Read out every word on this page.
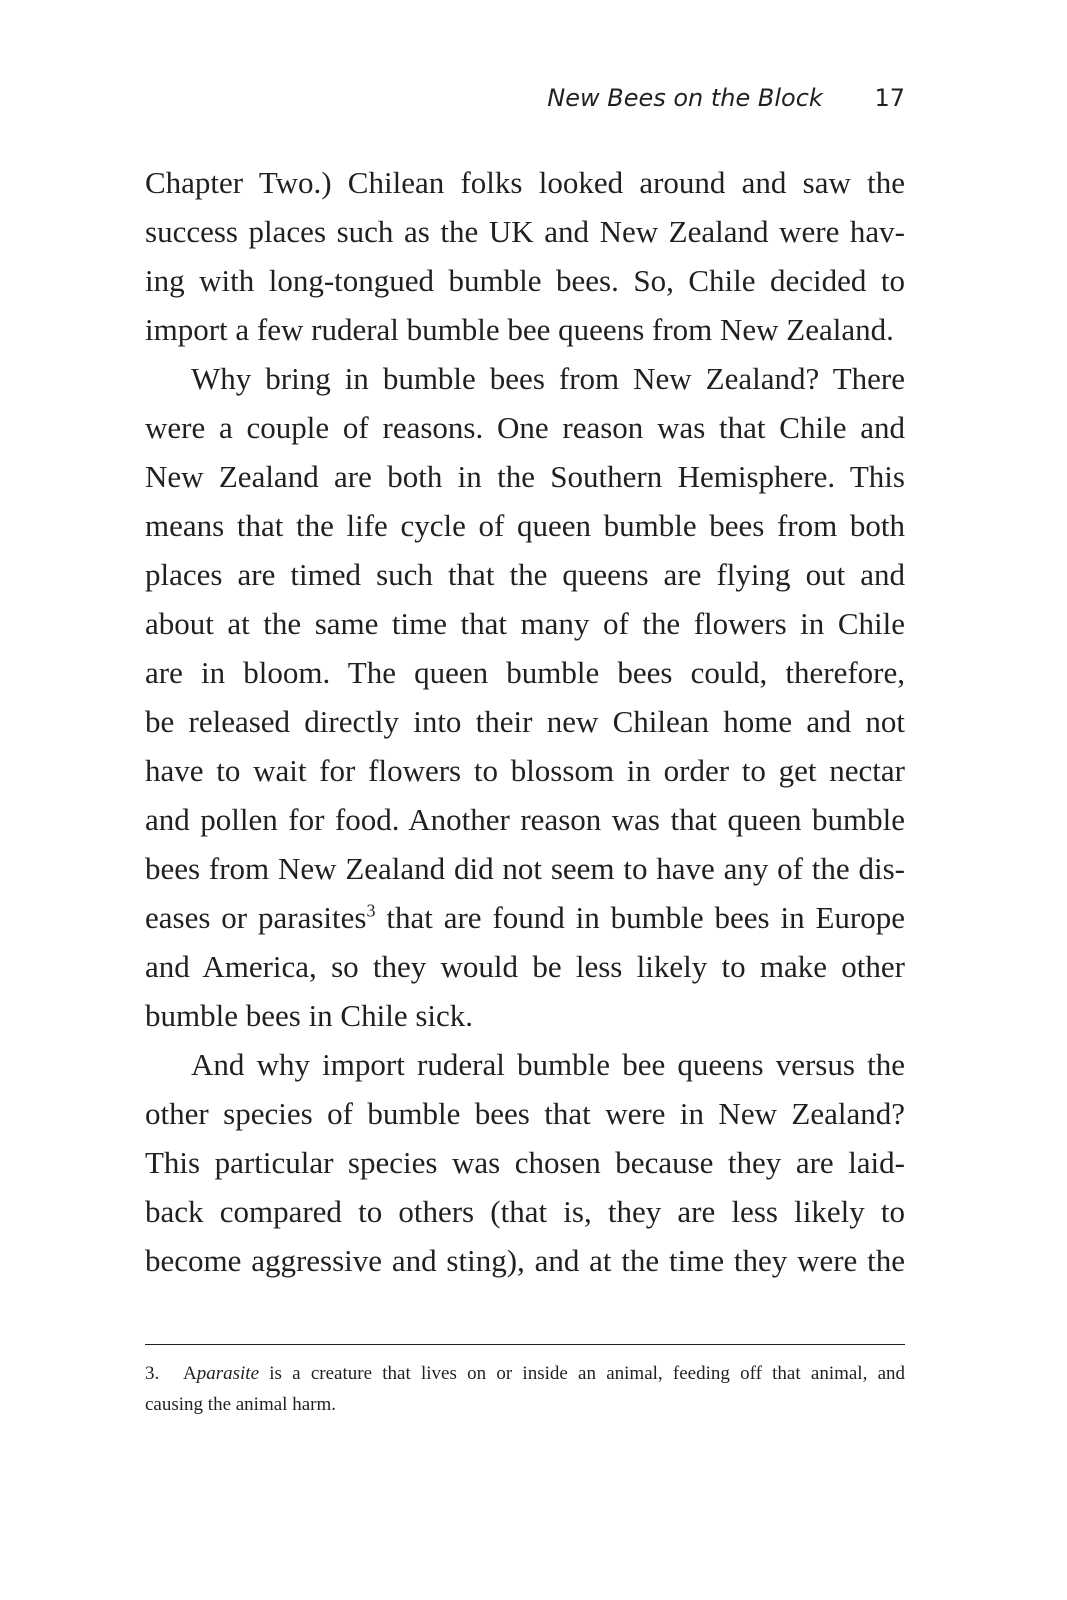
New Bees on the Block 17
Chapter Two.) Chilean folks looked around and saw the
success places such as the UK and New Zealand were hav-
ing with long-tongued bumble bees. So, Chile decided to
import a few ruderal bumble bee queens from New Zealand.
Why bring in bumble bees from New Zealand? There
were a couple of reasons. One reason was that Chile and
New Zealand are both in the Southern Hemisphere. This
means that the life cycle of queen bumble bees from both
places are timed such that the queens are flying out and
about at the same time that many of the flowers in Chile
are in bloom. The queen bumble bees could, therefore,
be released directly into their new Chilean home and not
have to wait for flowers to blossom in order to get nectar
and pollen for food. Another reason was that queen bumble
bees from New Zealand did not seem to have any of the dis-
eases or parasites$^3$ that are found in bumble bees in Europe
and America, so they would be less likely to make other
bumble bees in Chile sick.
And why import ruderal bumble bee queens versus the
other species of bumble bees that were in New Zealand?
This particular species was chosen because they are laid-
back compared to others (that is, they are less likely to
become aggressive and sting), and at the time they were the
3. Aparasite is a creature that lives on or inside an animal, feeding off that animal, and
causing the animal harm.
